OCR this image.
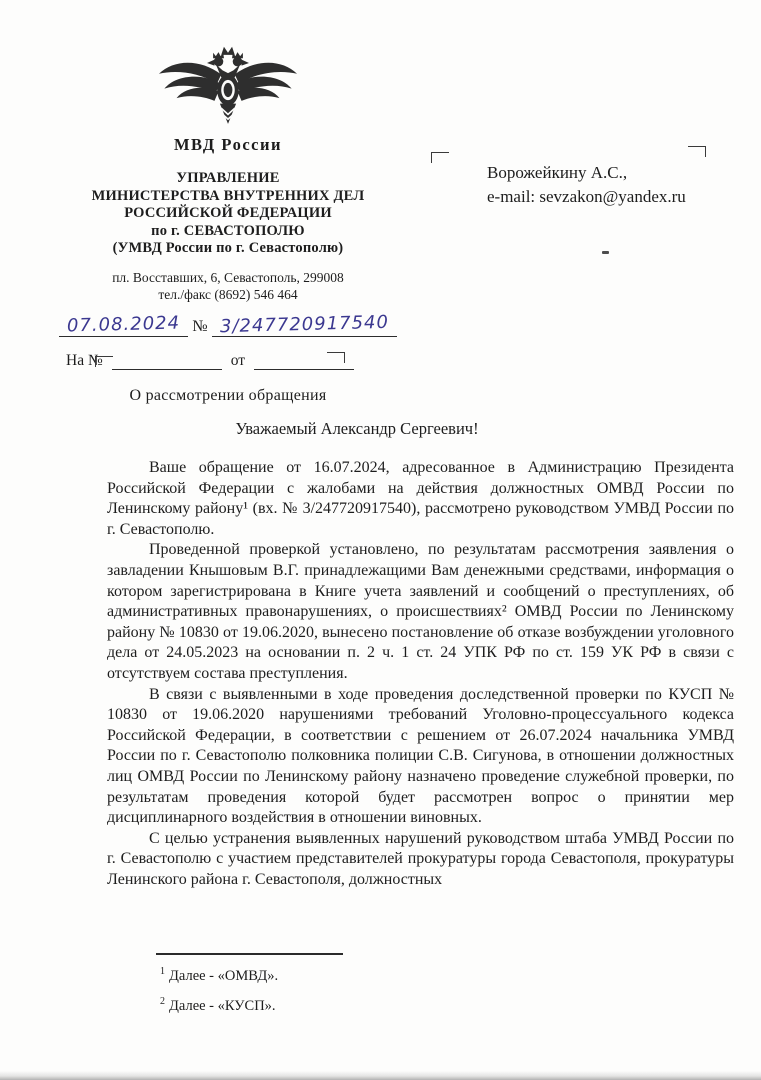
МВД России
УПРАВЛЕНИЕ
МИНИСТЕРСТВА ВНУТРЕННИХ ДЕЛ
РОССИЙСКОЙ ФЕДЕРАЦИИ
по г. СЕВАСТОПОЛЮ
(УМВД России по г. Севастополю)
пл. Восставших, 6, Севастополь, 299008
тел./факс (8692) 546 464
07.08.2024 № 3/247720917540
На №	от
О рассмотрении обращения
Ворожейкину А.С.,
e-mail: sevzakon@yandex.ru
Уважаемый Александр Сергеевич!

Ваше обращение от 16.07.2024, адресованное в Администрацию Президента Российской Федерации с жалобами на действия должностных ОМВД России по Ленинскому району¹ (вх. № 3/247720917540), рассмотрено руководством УМВД России по г. Севастополю.

Проведенной проверкой установлено, по результатам рассмотрения заявления о завладении Кнышовым В.Г. принадлежащими Вам денежными средствами, информация о котором зарегистрирована в Книге учета заявлений и сообщений о преступлениях, об административных правонарушениях, о происшествиях² ОМВД России по Ленинскому району № 10830 от 19.06.2020, вынесено постановление об отказе возбуждении уголовного дела от 24.05.2023 на основании п. 2 ч. 1 ст. 24 УПК РФ по ст. 159 УК РФ в связи с отсутствуем состава преступления.

В связи с выявленными в ходе проведения доследственной проверки по КУСП № 10830 от 19.06.2020 нарушениями требований Уголовно-процессуального кодекса Российской Федерации, в соответствии с решением от 26.07.2024 начальника УМВД России по г. Севастополю полковника полиции С.В. Сигунова, в отношении должностных лиц ОМВД России по Ленинскому району назначено проведение служебной проверки, по результатам проведения которой будет рассмотрен вопрос о принятии мер дисциплинарного воздействия в отношении виновных.

С целью устранения выявленных нарушений руководством штаба УМВД России по г. Севастополю с участием представителей прокуратуры города Севастополя, прокуратуры Ленинского района г. Севастополя, должностных

$^1$ Далее - «ОМВД».
$^2$ Далее - «КУСП».
